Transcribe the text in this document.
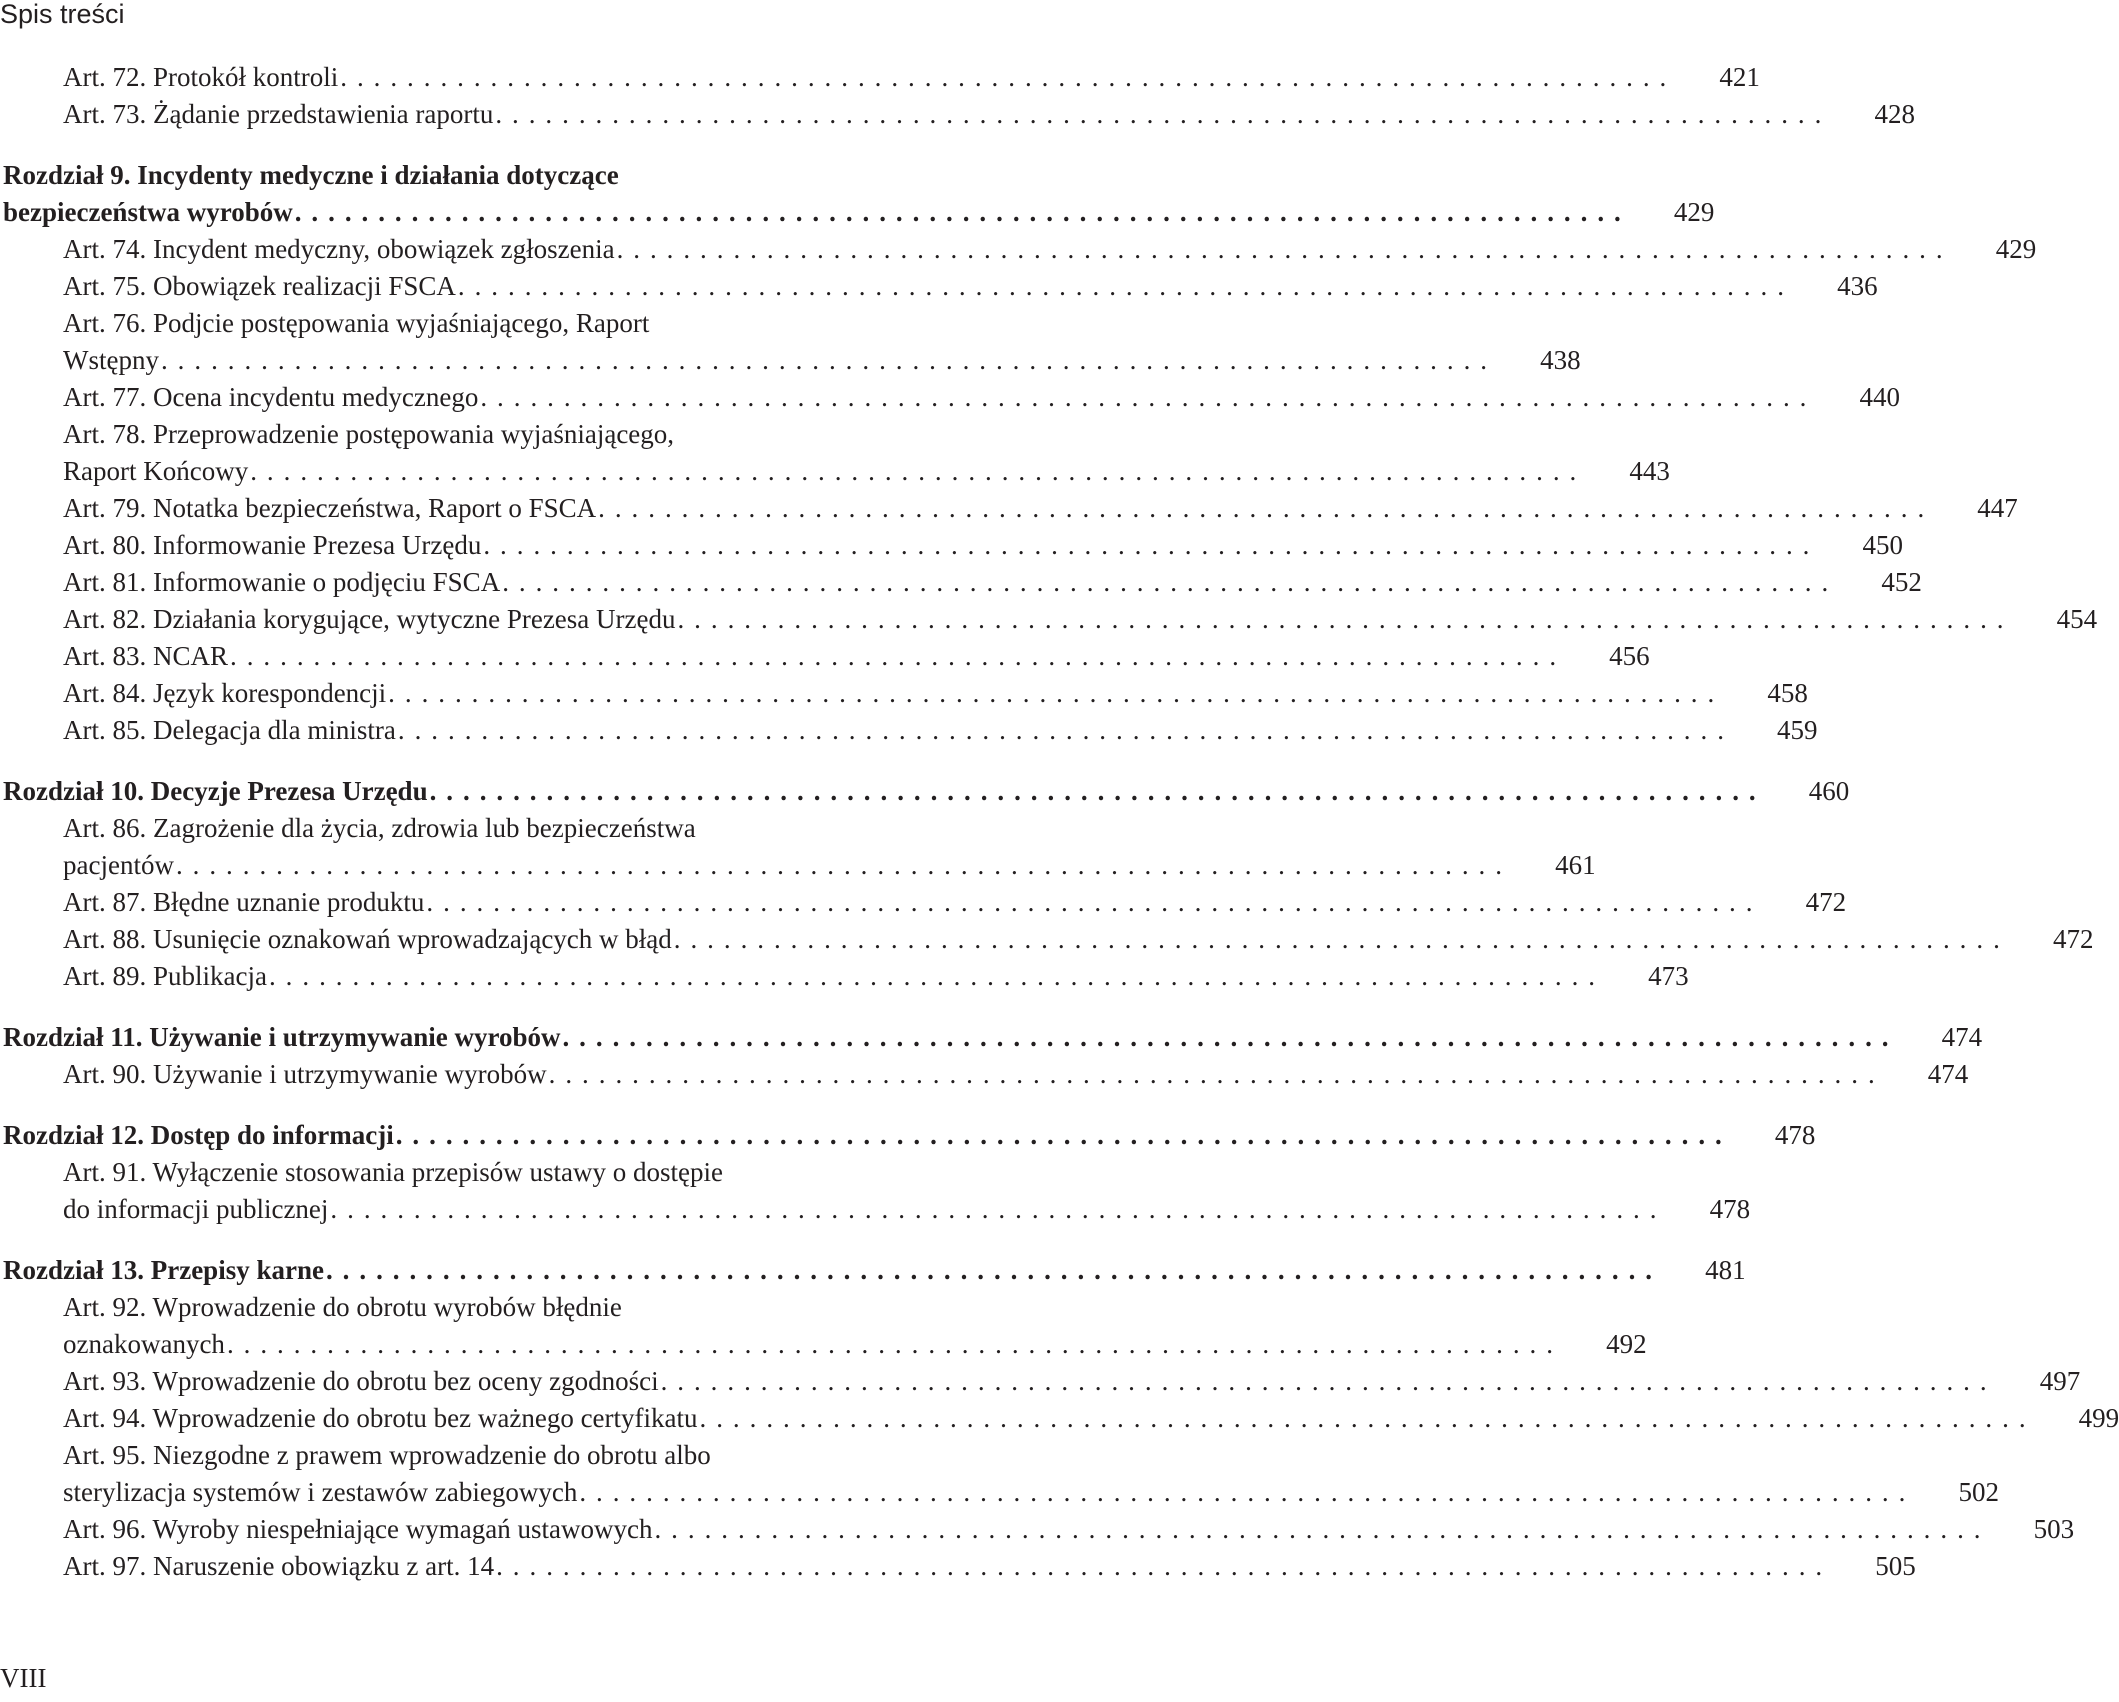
Spis treści
Art. 72. Protokół kontroli . . . . . . . . . . . . . . . . . . . . . . . . . . . . . . . . . . . . . . . . . . . . . . . . . . . . . . . . . . . . . . . . . . . . . . . . . . . . . . . .	421
Art. 73. Żądanie przedstawienia raportu . . . . . . . . . . . . . . . . . . . . . . . . . . . . . . . . . . . . . . . . . . . . . . . . . . . . . . . . . . . . . . . . . . . . . . . . . . . . . . . .	428
Rozdział 9. Incydenty medyczne i działania dotyczące
bezpieczeństwa wyrobów . . . . . . . . . . . . . . . . . . . . . . . . . . . . . . . . . . . . . . . . . . . . . . . . . . . . . . . . . . . . . . . . . . . . . . . . . . . . . . . .	429
Art. 74. Incydent medyczny, obowiązek zgłoszenia . . . . . . . . . . . . . . . . . . . . . . . . . . . . . . . . . . . . . . . . . . . . . . . . . . . . . . . . . . . . . . . . . . . . . . . . . . . . . . . .	429
Art. 75. Obowiązek realizacji FSCA . . . . . . . . . . . . . . . . . . . . . . . . . . . . . . . . . . . . . . . . . . . . . . . . . . . . . . . . . . . . . . . . . . . . . . . . . . . . . . . .	436
Art. 76. Podjcie postępowania wyjaśniającego, Raport
Wstępny . . . . . . . . . . . . . . . . . . . . . . . . . . . . . . . . . . . . . . . . . . . . . . . . . . . . . . . . . . . . . . . . . . . . . . . . . . . . . . . .	438
Art. 77. Ocena incydentu medycznego . . . . . . . . . . . . . . . . . . . . . . . . . . . . . . . . . . . . . . . . . . . . . . . . . . . . . . . . . . . . . . . . . . . . . . . . . . . . . . . .	440
Art. 78. Przeprowadzenie postępowania wyjaśniającego,
Raport Końcowy . . . . . . . . . . . . . . . . . . . . . . . . . . . . . . . . . . . . . . . . . . . . . . . . . . . . . . . . . . . . . . . . . . . . . . . . . . . . . . . .	443
Art. 79. Notatka bezpieczeństwa, Raport o FSCA . . . . . . . . . . . . . . . . . . . . . . . . . . . . . . . . . . . . . . . . . . . . . . . . . . . . . . . . . . . . . . . . . . . . . . . . . . . . . . . .	447
Art. 80. Informowanie Prezesa Urzędu . . . . . . . . . . . . . . . . . . . . . . . . . . . . . . . . . . . . . . . . . . . . . . . . . . . . . . . . . . . . . . . . . . . . . . . . . . . . . . . .	450
Art. 81. Informowanie o podjęciu FSCA . . . . . . . . . . . . . . . . . . . . . . . . . . . . . . . . . . . . . . . . . . . . . . . . . . . . . . . . . . . . . . . . . . . . . . . . . . . . . . . .	452
Art. 82. Działania korygujące, wytyczne Prezesa Urzędu . . . . . . . . . . . . . . . . . . . . . . . . . . . . . . . . . . . . . . . . . . . . . . . . . . . . . . . . . . . . . . . . . . . . . . . . . . . . . . . .	454
Art. 83. NCAR . . . . . . . . . . . . . . . . . . . . . . . . . . . . . . . . . . . . . . . . . . . . . . . . . . . . . . . . . . . . . . . . . . . . . . . . . . . . . . . .	456
Art. 84. Język korespondencji . . . . . . . . . . . . . . . . . . . . . . . . . . . . . . . . . . . . . . . . . . . . . . . . . . . . . . . . . . . . . . . . . . . . . . . . . . . . . . . .	458
Art. 85. Delegacja dla ministra . . . . . . . . . . . . . . . . . . . . . . . . . . . . . . . . . . . . . . . . . . . . . . . . . . . . . . . . . . . . . . . . . . . . . . . . . . . . . . . .	459
Rozdział 10. Decyzje Prezesa Urzędu . . . . . . . . . . . . . . . . . . . . . . . . . . . . . . . . . . . . . . . . . . . . . . . . . . . . . . . . . . . . . . . . . . . . . . . . . . . . . . . .	460
Art. 86. Zagrożenie dla życia, zdrowia lub bezpieczeństwa
pacjentów . . . . . . . . . . . . . . . . . . . . . . . . . . . . . . . . . . . . . . . . . . . . . . . . . . . . . . . . . . . . . . . . . . . . . . . . . . . . . . . .	461
Art. 87. Błędne uznanie produktu . . . . . . . . . . . . . . . . . . . . . . . . . . . . . . . . . . . . . . . . . . . . . . . . . . . . . . . . . . . . . . . . . . . . . . . . . . . . . . . .	472
Art. 88. Usunięcie oznakowań wprowadzających w błąd . . . . . . . . . . . . . . . . . . . . . . . . . . . . . . . . . . . . . . . . . . . . . . . . . . . . . . . . . . . . . . . . . . . . . . . . . . . . . . . .	472
Art. 89. Publikacja . . . . . . . . . . . . . . . . . . . . . . . . . . . . . . . . . . . . . . . . . . . . . . . . . . . . . . . . . . . . . . . . . . . . . . . . . . . . . . . .	473
Rozdział 11. Używanie i utrzymywanie wyrobów . . . . . . . . . . . . . . . . . . . . . . . . . . . . . . . . . . . . . . . . . . . . . . . . . . . . . . . . . . . . . . . . . . . . . . . . . . . . . . . .	474
Art. 90. Używanie i utrzymywanie wyrobów . . . . . . . . . . . . . . . . . . . . . . . . . . . . . . . . . . . . . . . . . . . . . . . . . . . . . . . . . . . . . . . . . . . . . . . . . . . . . . . .	474
Rozdział 12. Dostęp do informacji . . . . . . . . . . . . . . . . . . . . . . . . . . . . . . . . . . . . . . . . . . . . . . . . . . . . . . . . . . . . . . . . . . . . . . . . . . . . . . . .	478
Art. 91. Wyłączenie stosowania przepisów ustawy o dostępie
do informacji publicznej . . . . . . . . . . . . . . . . . . . . . . . . . . . . . . . . . . . . . . . . . . . . . . . . . . . . . . . . . . . . . . . . . . . . . . . . . . . . . . . .	478
Rozdział 13. Przepisy karne . . . . . . . . . . . . . . . . . . . . . . . . . . . . . . . . . . . . . . . . . . . . . . . . . . . . . . . . . . . . . . . . . . . . . . . . . . . . . . . .	481
Art. 92. Wprowadzenie do obrotu wyrobów błędnie
oznakowanych . . . . . . . . . . . . . . . . . . . . . . . . . . . . . . . . . . . . . . . . . . . . . . . . . . . . . . . . . . . . . . . . . . . . . . . . . . . . . . . .	492
Art. 93. Wprowadzenie do obrotu bez oceny zgodności . . . . . . . . . . . . . . . . . . . . . . . . . . . . . . . . . . . . . . . . . . . . . . . . . . . . . . . . . . . . . . . . . . . . . . . . . . . . . . . .	497
Art. 94. Wprowadzenie do obrotu bez ważnego certyfikatu . . . . . . . . . . . . . . . . . . . . . . . . . . . . . . . . . . . . . . . . . . . . . . . . . . . . . . . . . . . . . . . . . . . . . . . . . . . . . . . .	499
Art. 95. Niezgodne z prawem wprowadzenie do obrotu albo
sterylizacja systemów i zestawów zabiegowych . . . . . . . . . . . . . . . . . . . . . . . . . . . . . . . . . . . . . . . . . . . . . . . . . . . . . . . . . . . . . . . . . . . . . . . . . . . . . . . .	502
Art. 96. Wyroby niespełniające wymagań ustawowych . . . . . . . . . . . . . . . . . . . . . . . . . . . . . . . . . . . . . . . . . . . . . . . . . . . . . . . . . . . . . . . . . . . . . . . . . . . . . . . .	503
Art. 97. Naruszenie obowiązku z art. 14 . . . . . . . . . . . . . . . . . . . . . . . . . . . . . . . . . . . . . . . . . . . . . . . . . . . . . . . . . . . . . . . . . . . . . . . . . . . . . . . .	505
VIII
